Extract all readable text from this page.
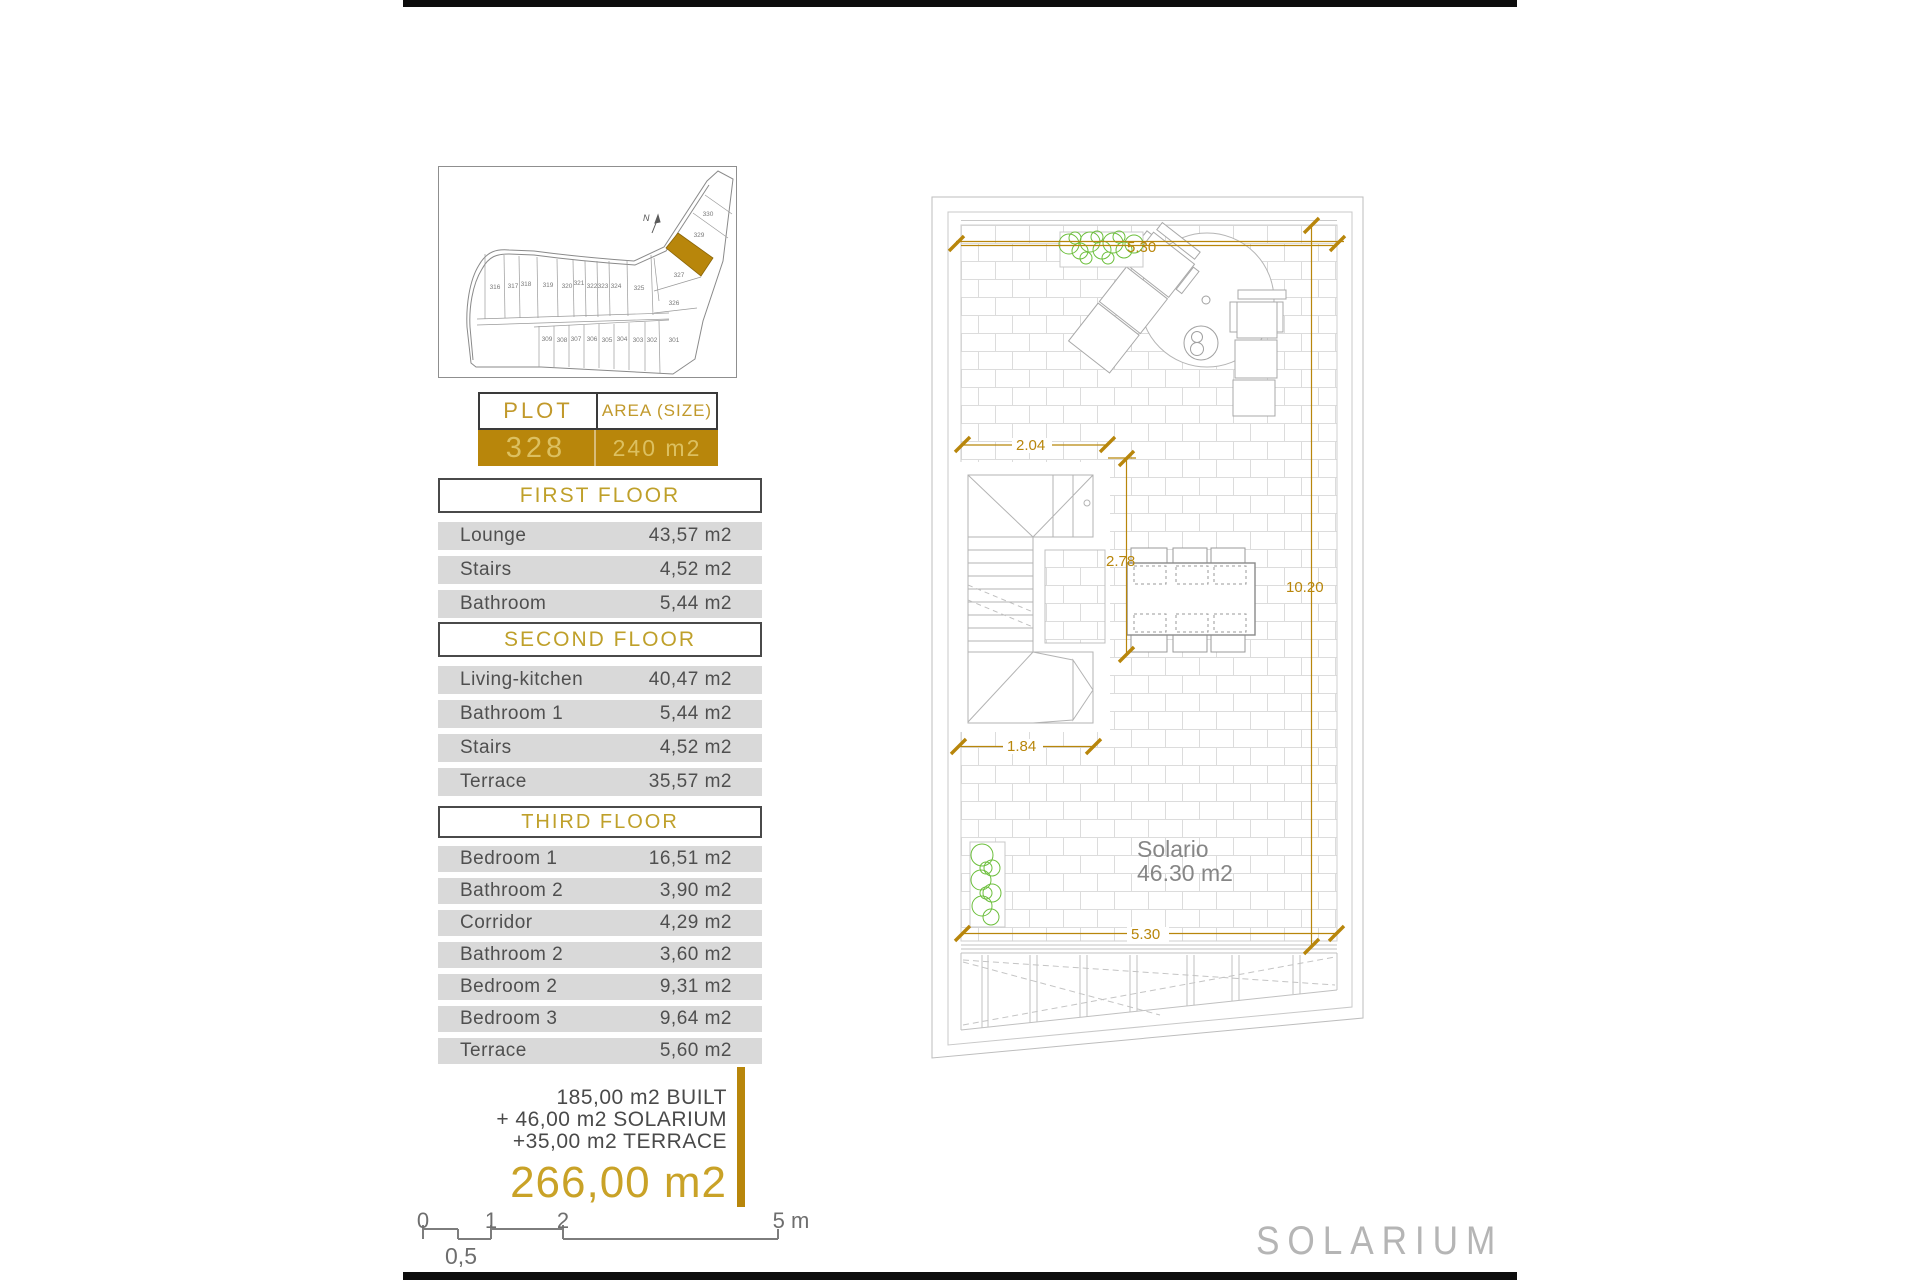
N
316 317 318 319 320 321 322 323 324 325
326
327
329
330
309 308 307 306 305 304 303 302 301
PLOT	AREA (SIZE)
328	240 m2
FIRST FLOOR
Lounge	43,57 m2
Stairs	4,52 m2
Bathroom	5,44 m2
SECOND FLOOR
Living-kitchen	40,47 m2
Bathroom 1	5,44 m2
Stairs	4,52 m2
Terrace	35,57 m2
THIRD FLOOR
Bedroom 1	16,51 m2
Bathroom 2	3,90 m2
Corridor	4,29 m2
Bathroom 2	3,60 m2
Bedroom 2	9,31 m2
Bedroom 3	9,64 m2
Terrace	5,60 m2
185,00 m2 BUILT
+ 46,00 m2 SOLARIUM
+35,00 m2 TERRACE
266,00 m2
0	1	2	5 m
0,5
5.30
2.04
2.78
10.20
1.84
5.30
Solario
46.30 m2
SOLARIUM
